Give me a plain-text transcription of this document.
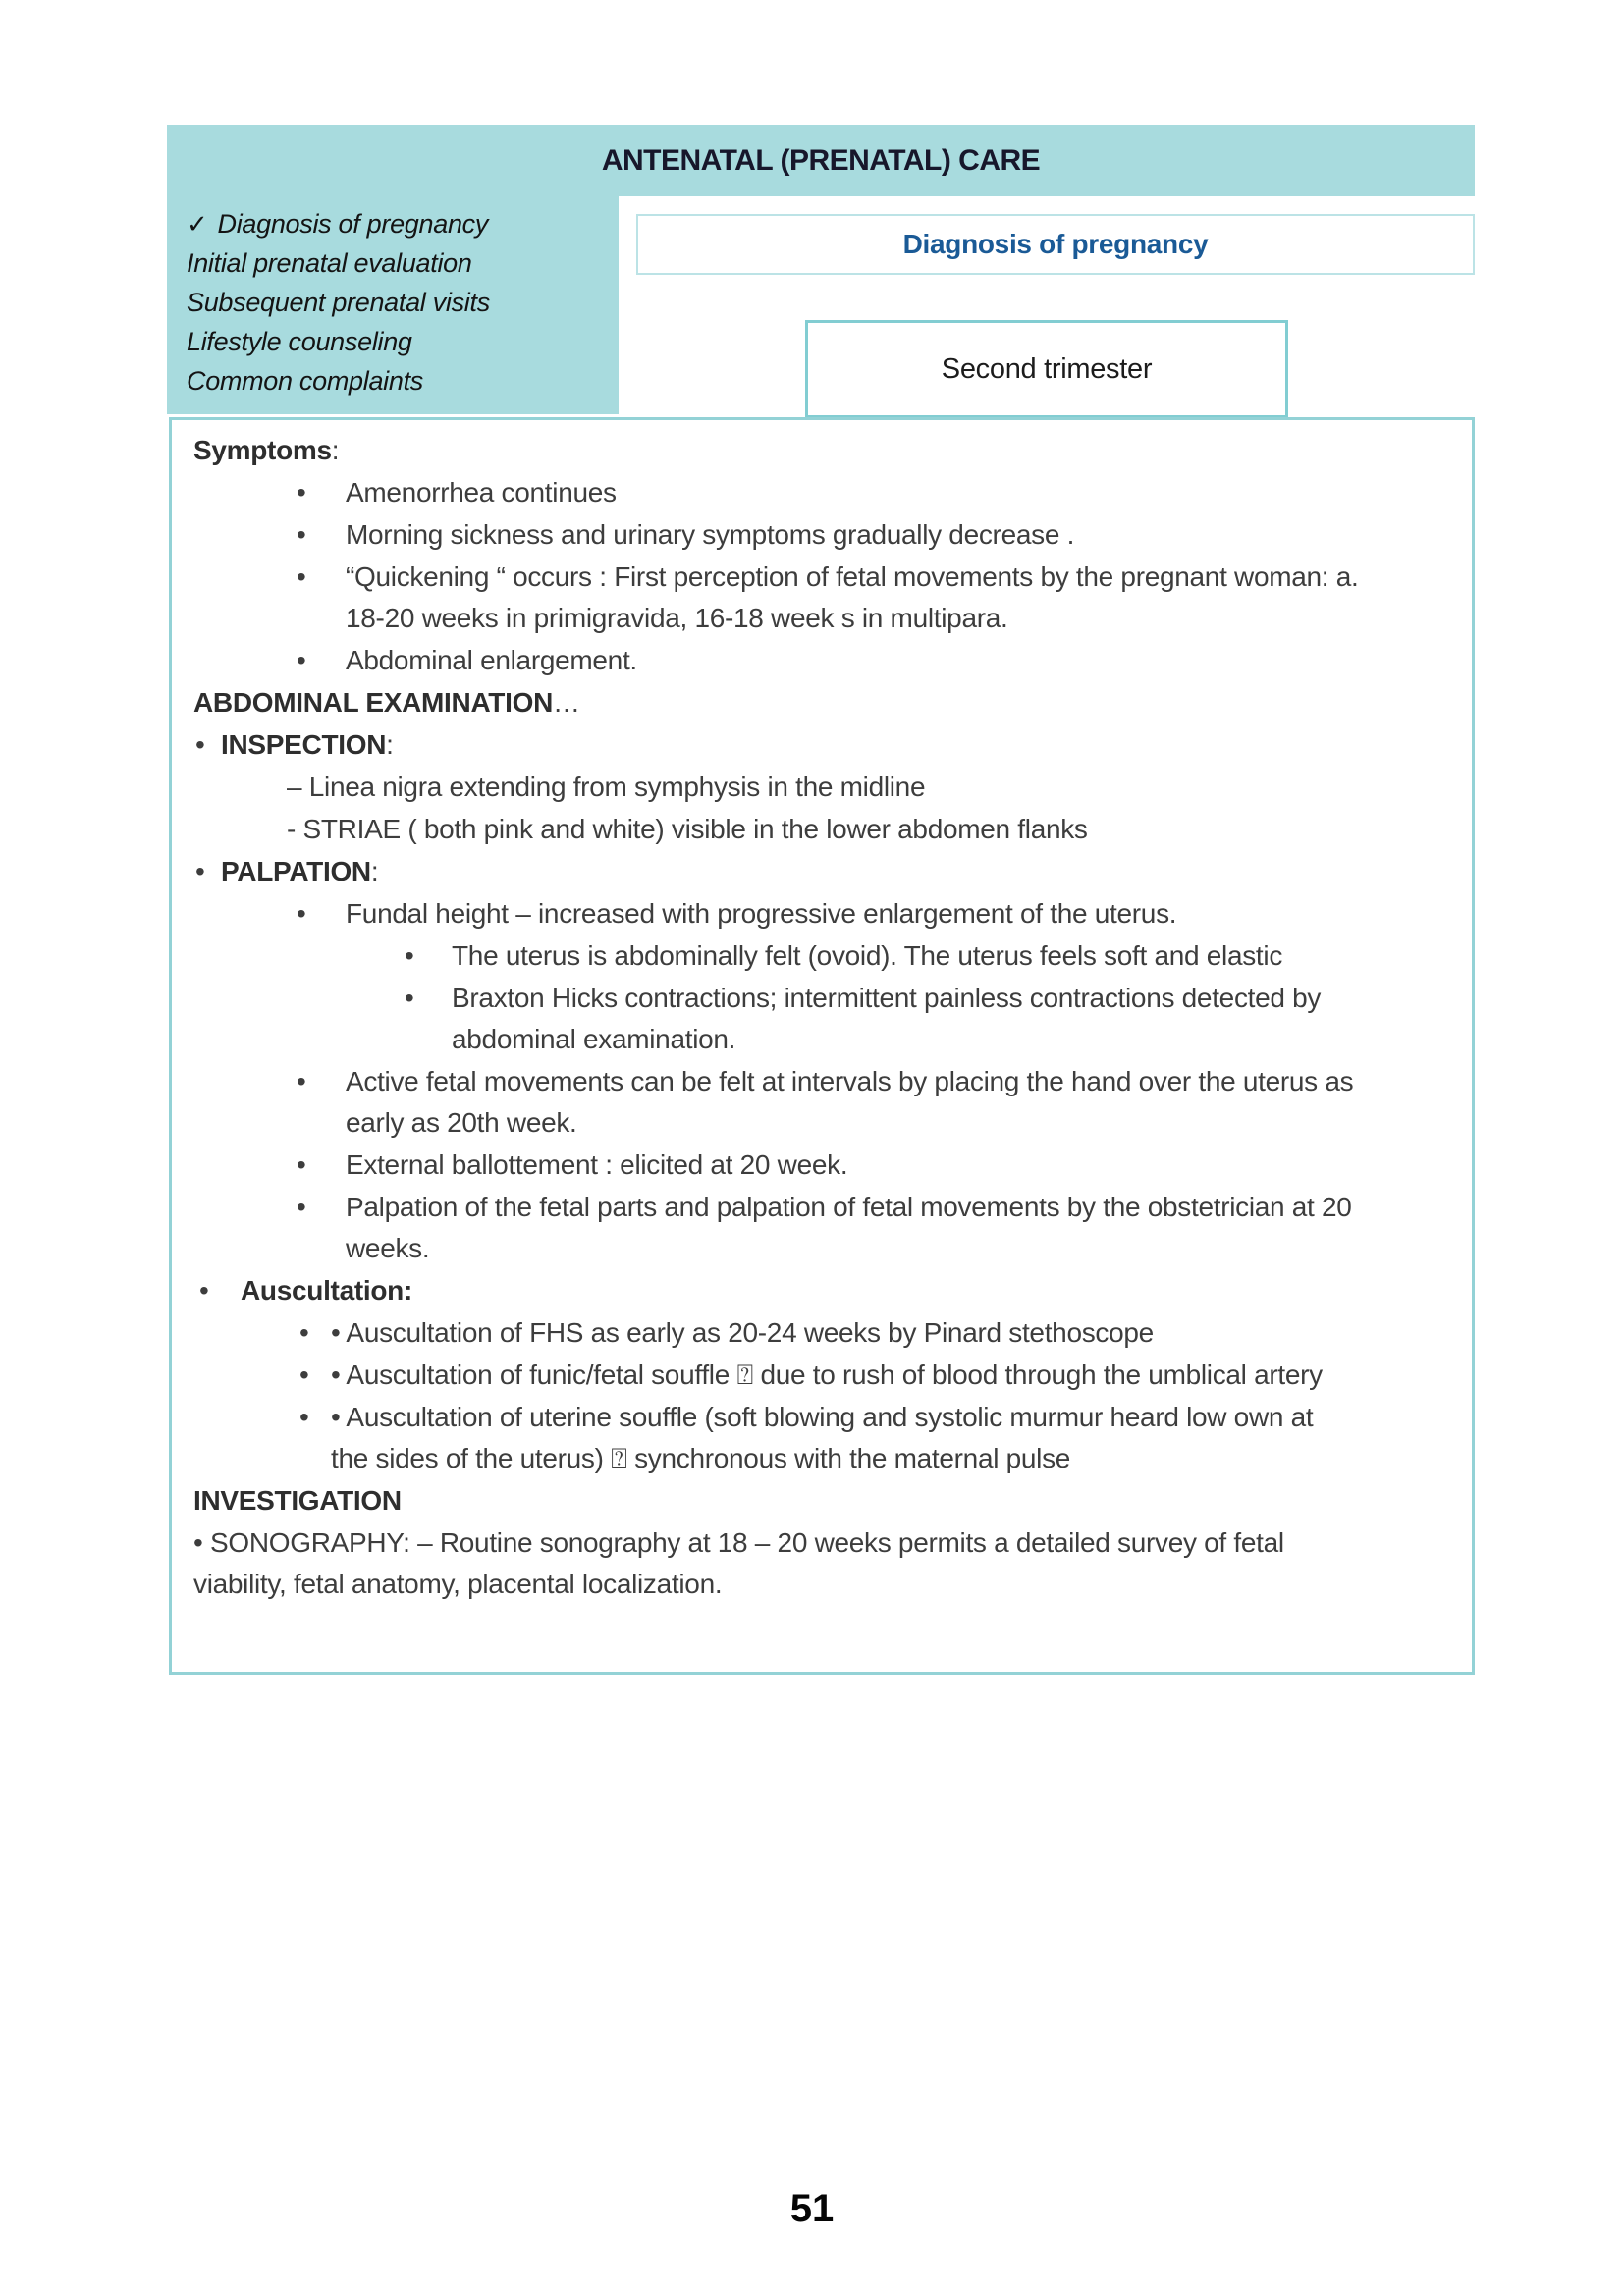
ANTENATAL (PRENATAL) CARE
✓ Diagnosis of pregnancy
Initial prenatal evaluation
Subsequent prenatal visits
Lifestyle counseling
Common complaints
Diagnosis of pregnancy
Second trimester
Symptoms:
•	Amenorrhea continues
•	Morning sickness and urinary symptoms gradually decrease .
•	“Quickening “ occurs : First perception of fetal movements by the pregnant woman: a. 18-20 weeks in primigravida, 16-18 week s in multipara.
•	Abdominal enlargement.
ABDOMINAL EXAMINATION…
• INSPECTION:
– Linea nigra extending from symphysis in the midline
- STRIAE ( both pink and white) visible in the lower abdomen flanks
• PALPATION:
•	Fundal height – increased with progressive enlargement of the uterus.
•	The uterus is abdominally felt (ovoid). The uterus feels soft and elastic
•	Braxton Hicks contractions; intermittent painless contractions detected by abdominal examination.
•	Active fetal movements can be felt at intervals by placing the hand over the uterus as early as 20th week.
•	External ballottement : elicited at 20 week.
•	Palpation of the fetal parts and palpation of fetal movements by the obstetrician at 20 weeks.
•	Auscultation:
• • Auscultation of FHS as early as 20-24 weeks by Pinard stethoscope
• • Auscultation of funic/fetal souffle ⍰ due to rush of blood through the umblical artery
• • Auscultation of uterine souffle (soft blowing and systolic murmur heard low own at the sides of the uterus) ⍰ synchronous with the maternal pulse
INVESTIGATION
• SONOGRAPHY: – Routine sonography at 18 – 20 weeks permits a detailed survey of fetal viability, fetal anatomy, placental localization.
51
